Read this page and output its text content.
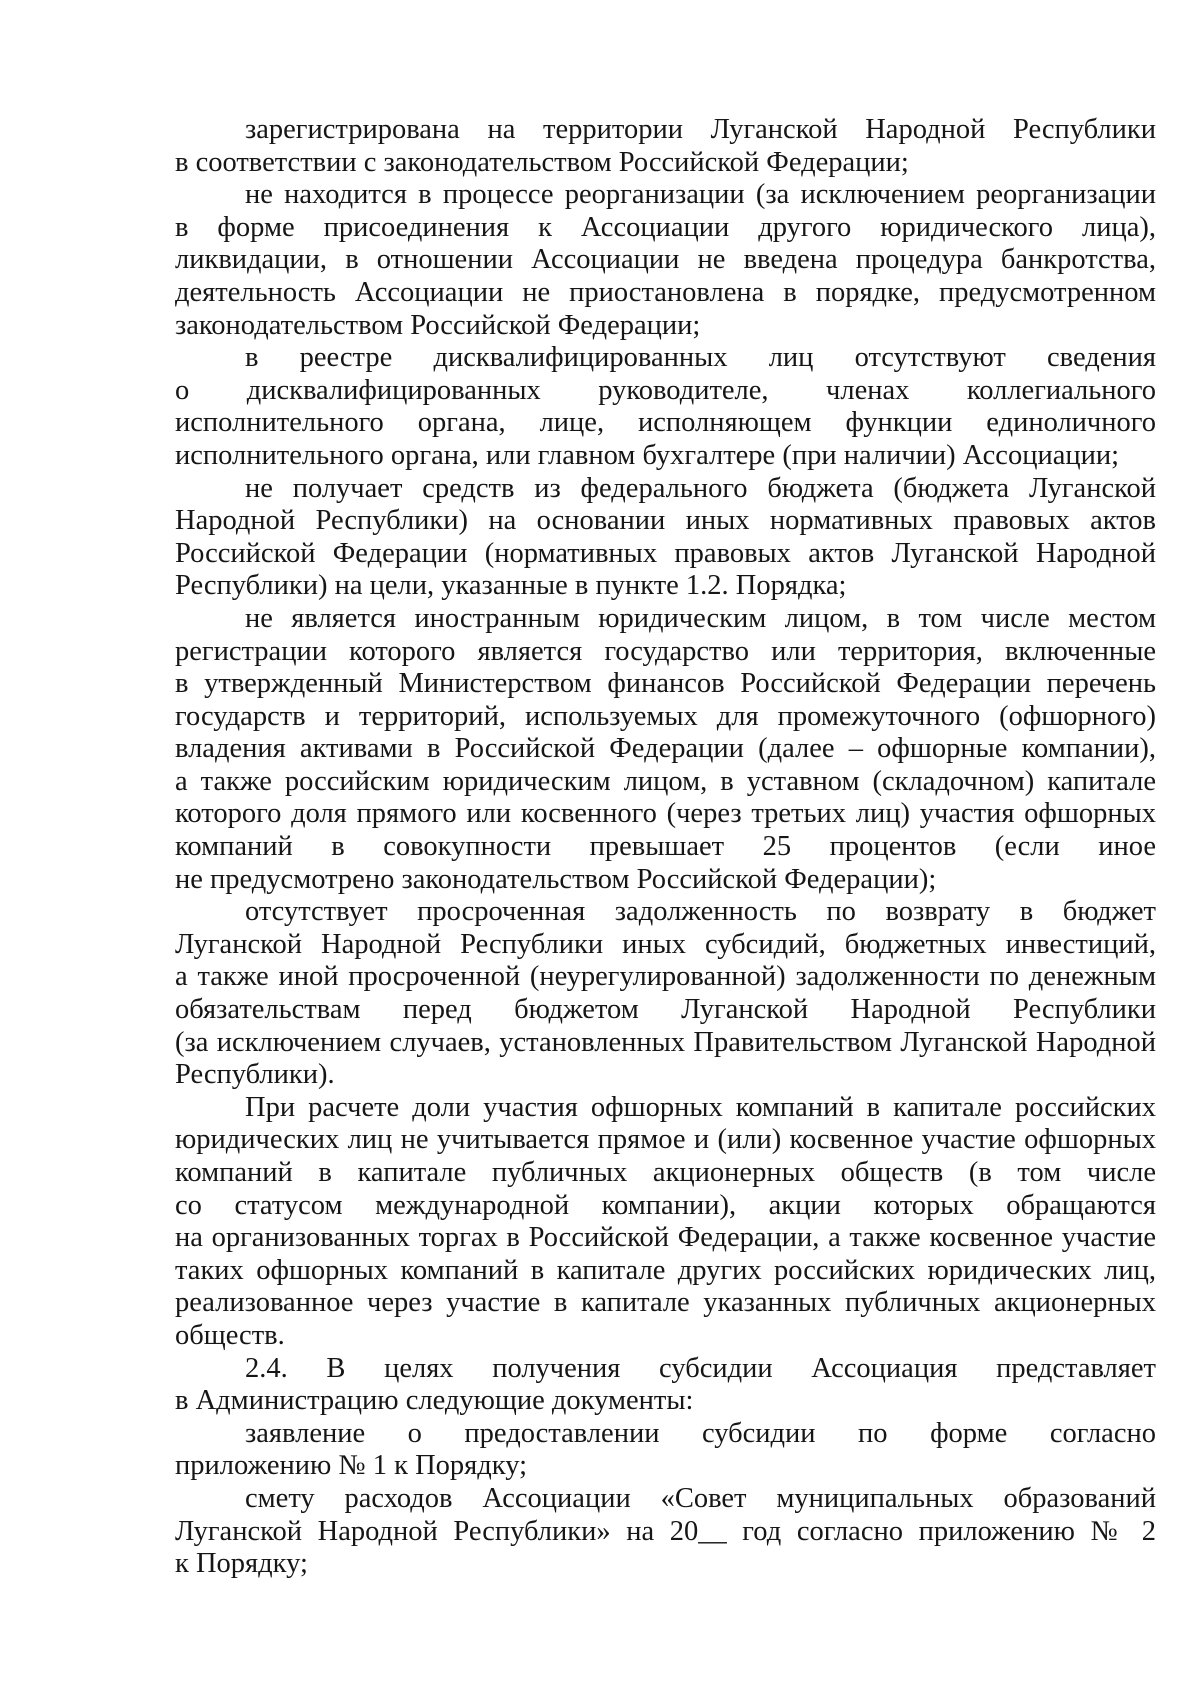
зарегистрирована на территории Луганской Народной Республики
в соответствии с законодательством Российской Федерации;
не находится в процессе реорганизации (за исключением реорганизации
в форме присоединения к Ассоциации другого юридического лица),
ликвидации, в отношении Ассоциации не введена процедура банкротства,
деятельность Ассоциации не приостановлена в порядке, предусмотренном
законодательством Российской Федерации;
в реестре дисквалифицированных лиц отсутствуют сведения
о дисквалифицированных руководителе, членах коллегиального
исполнительного органа, лице, исполняющем функции единоличного
исполнительного органа, или главном бухгалтере (при наличии) Ассоциации;
не получает средств из федерального бюджета (бюджета Луганской
Народной Республики) на основании иных нормативных правовых актов
Российской Федерации (нормативных правовых актов Луганской Народной
Республики) на цели, указанные в пункте 1.2. Порядка;
не является иностранным юридическим лицом, в том числе местом
регистрации которого является государство или территория, включенные
в утвержденный Министерством финансов Российской Федерации перечень
государств и территорий, используемых для промежуточного (офшорного)
владения активами в Российской Федерации (далее – офшорные компании),
а также российским юридическим лицом, в уставном (складочном) капитале
которого доля прямого или косвенного (через третьих лиц) участия офшорных
компаний в совокупности превышает 25 процентов (если иное
не предусмотрено законодательством Российской Федерации);
отсутствует просроченная задолженность по возврату в бюджет
Луганской Народной Республики иных субсидий, бюджетных инвестиций,
а также иной просроченной (неурегулированной) задолженности по денежным
обязательствам перед бюджетом Луганской Народной Республики
(за исключением случаев, установленных Правительством Луганской Народной
Республики).
При расчете доли участия офшорных компаний в капитале российских
юридических лиц не учитывается прямое и (или) косвенное участие офшорных
компаний в капитале публичных акционерных обществ (в том числе
со статусом международной компании), акции которых обращаются
на организованных торгах в Российской Федерации, а также косвенное участие
таких офшорных компаний в капитале других российских юридических лиц,
реализованное через участие в капитале указанных публичных акционерных
обществ.
2.4. В целях получения субсидии Ассоциация представляет
в Администрацию следующие документы:
заявление о предоставлении субсидии по форме согласно
приложению № 1 к Порядку;
смету расходов Ассоциации «Совет муниципальных образований
Луганской Народной Республики» на 20__ год согласно приложению № 2
к Порядку;
